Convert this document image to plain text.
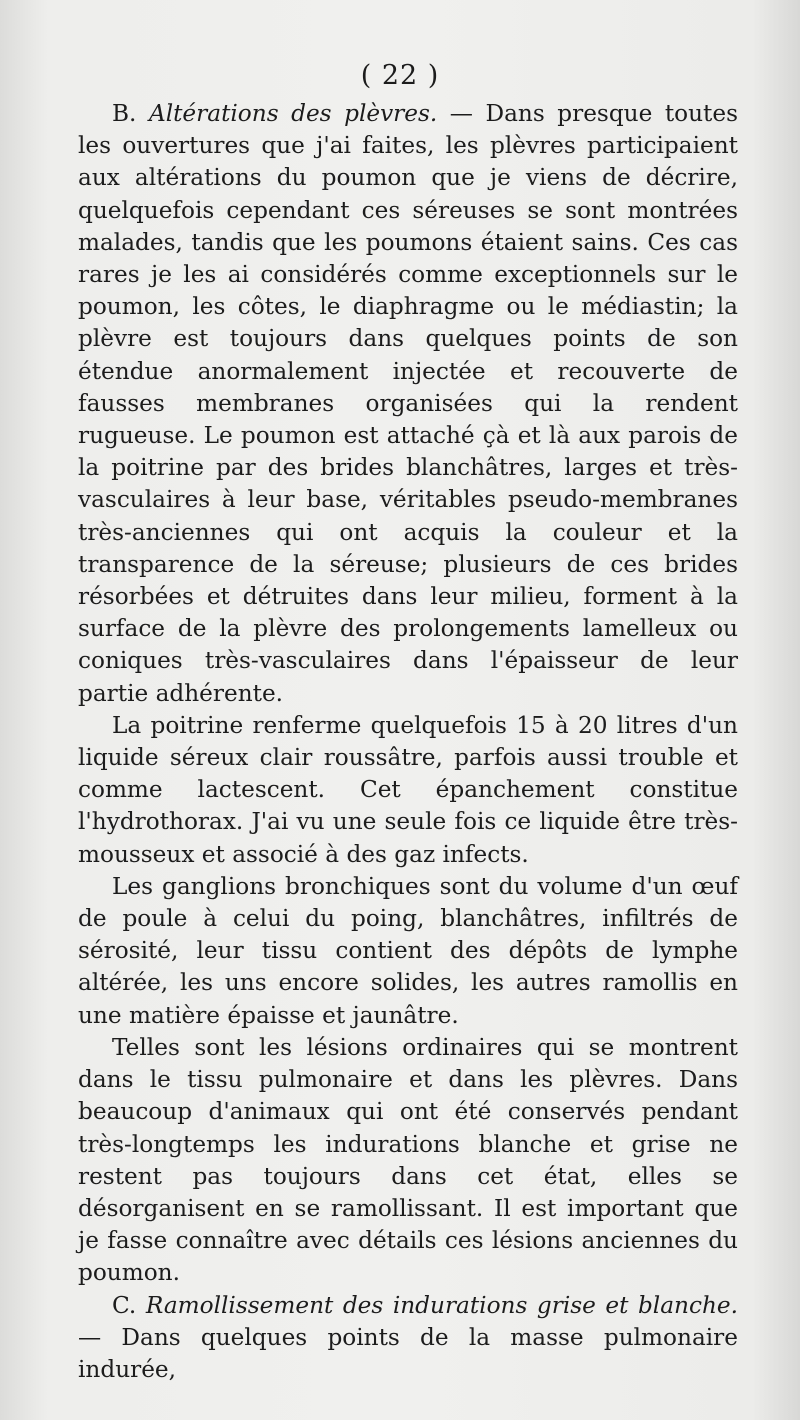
( 22 )

B. Altérations des plèvres. — Dans presque toutes les ouvertures que j'ai faites, les plèvres participaient aux altérations du poumon que je viens de décrire, quelquefois cependant ces séreuses se sont montrées malades, tandis que les poumons étaient sains. Ces cas rares je les ai considérés comme exceptionnels sur le poumon, les côtes, le diaphragme ou le médiastin; la plèvre est toujours dans quelques points de son étendue anormalement injectée et recouverte de fausses membranes organisées qui la rendent rugueuse. Le poumon est attaché çà et là aux parois de la poitrine par des brides blanchâtres, larges et très-vasculaires à leur base, véritables pseudo-membranes très-anciennes qui ont acquis la couleur et la transparence de la séreuse; plusieurs de ces brides résorbées et détruites dans leur milieu, forment à la surface de la plèvre des prolongements lamelleux ou coniques très-vasculaires dans l'épaisseur de leur partie adhérente.

La poitrine renferme quelquefois 15 à 20 litres d'un liquide séreux clair roussâtre, parfois aussi trouble et comme lactescent. Cet épanchement constitue l'hydrothorax. J'ai vu une seule fois ce liquide être très-mousseux et associé à des gaz infects.

Les ganglions bronchiques sont du volume d'un œuf de poule à celui du poing, blanchâtres, infiltrés de sérosité, leur tissu contient des dépôts de lymphe altérée, les uns encore solides, les autres ramollis en une matière épaisse et jaunâtre.

Telles sont les lésions ordinaires qui se montrent dans le tissu pulmonaire et dans les plèvres. Dans beaucoup d'animaux qui ont été conservés pendant très-longtemps les indurations blanche et grise ne restent pas toujours dans cet état, elles se désorganisent en se ramollissant. Il est important que je fasse connaître avec détails ces lésions anciennes du poumon.

C. Ramollissement des indurations grise et blanche. — Dans quelques points de la masse pulmonaire indurée,
